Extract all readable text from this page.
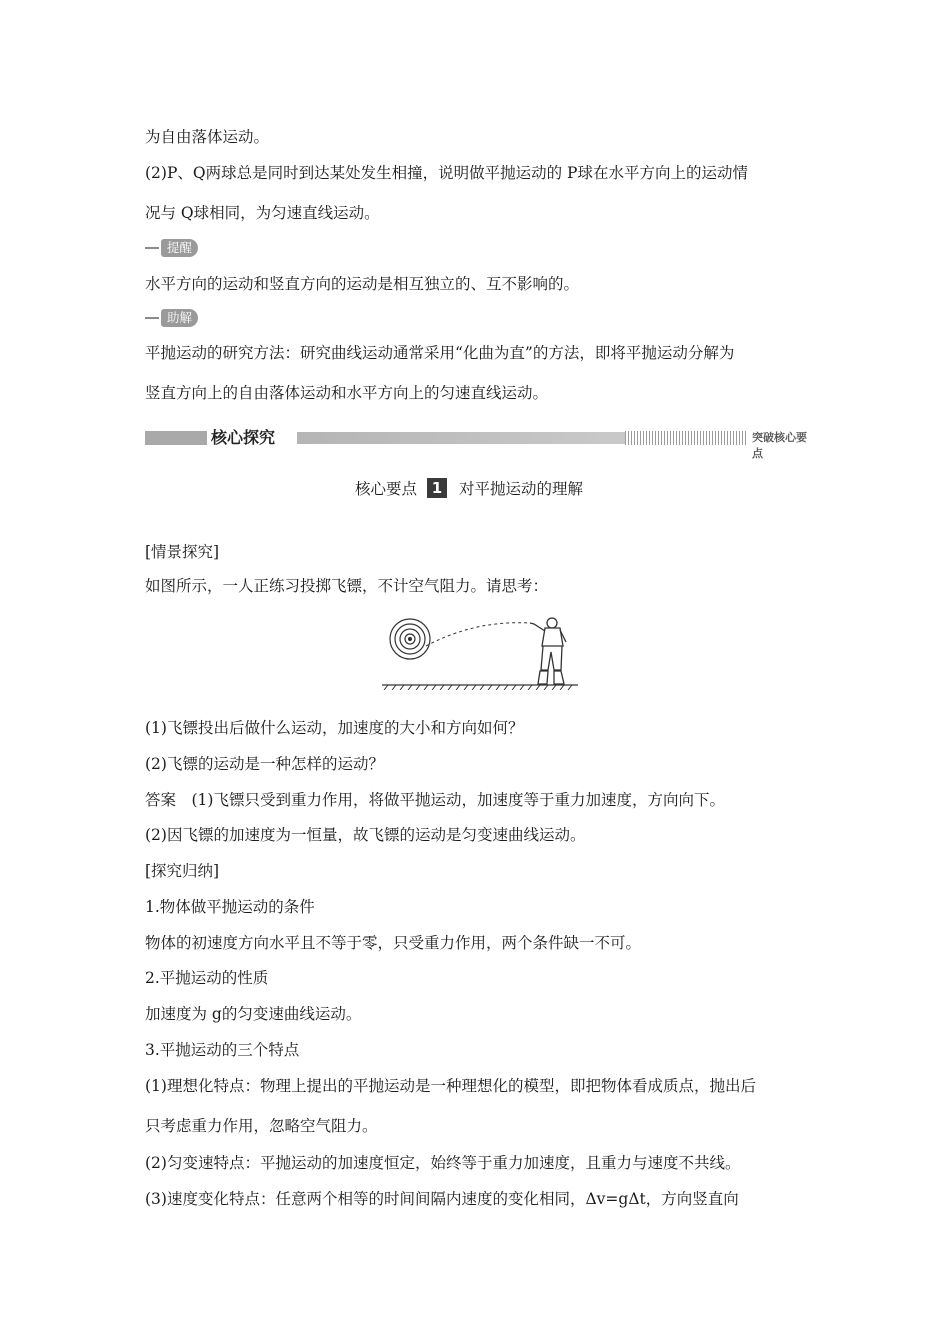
为自由落体运动。
(2)P、Q两球总是同时到达某处发生相撞，说明做平抛运动的 P球在水平方向上的运动情
况与 Q球相同，为匀速直线运动。
提醒
水平方向的运动和竖直方向的运动是相互独立的、互不影响的。
助解
平抛运动的研究方法：研究曲线运动通常采用“化曲为直”的方法，即将平抛运动分解为
竖直方向上的自由落体运动和水平方向上的匀速直线运动。
核心探究	突破核心要点
核心要点 1	对平抛运动的理解
[情景探究]
如图所示，一人正练习投掷飞镖，不计空气阻力。请思考：
(1)飞镖投出后做什么运动，加速度的大小和方向如何？
(2)飞镖的运动是一种怎样的运动？
答案　(1)飞镖只受到重力作用，将做平抛运动，加速度等于重力加速度，方向向下。
(2)因飞镖的加速度为一恒量，故飞镖的运动是匀变速曲线运动。
[探究归纳]
1.物体做平抛运动的条件
物体的初速度方向水平且不等于零，只受重力作用，两个条件缺一不可。
2.平抛运动的性质
加速度为 g的匀变速曲线运动。
3.平抛运动的三个特点
(1)理想化特点：物理上提出的平抛运动是一种理想化的模型，即把物体看成质点，抛出后
只考虑重力作用，忽略空气阻力。
(2)匀变速特点：平抛运动的加速度恒定，始终等于重力加速度，且重力与速度不共线。
(3)速度变化特点：任意两个相等的时间间隔内速度的变化相同，Δv=gΔt，方向竖直向
